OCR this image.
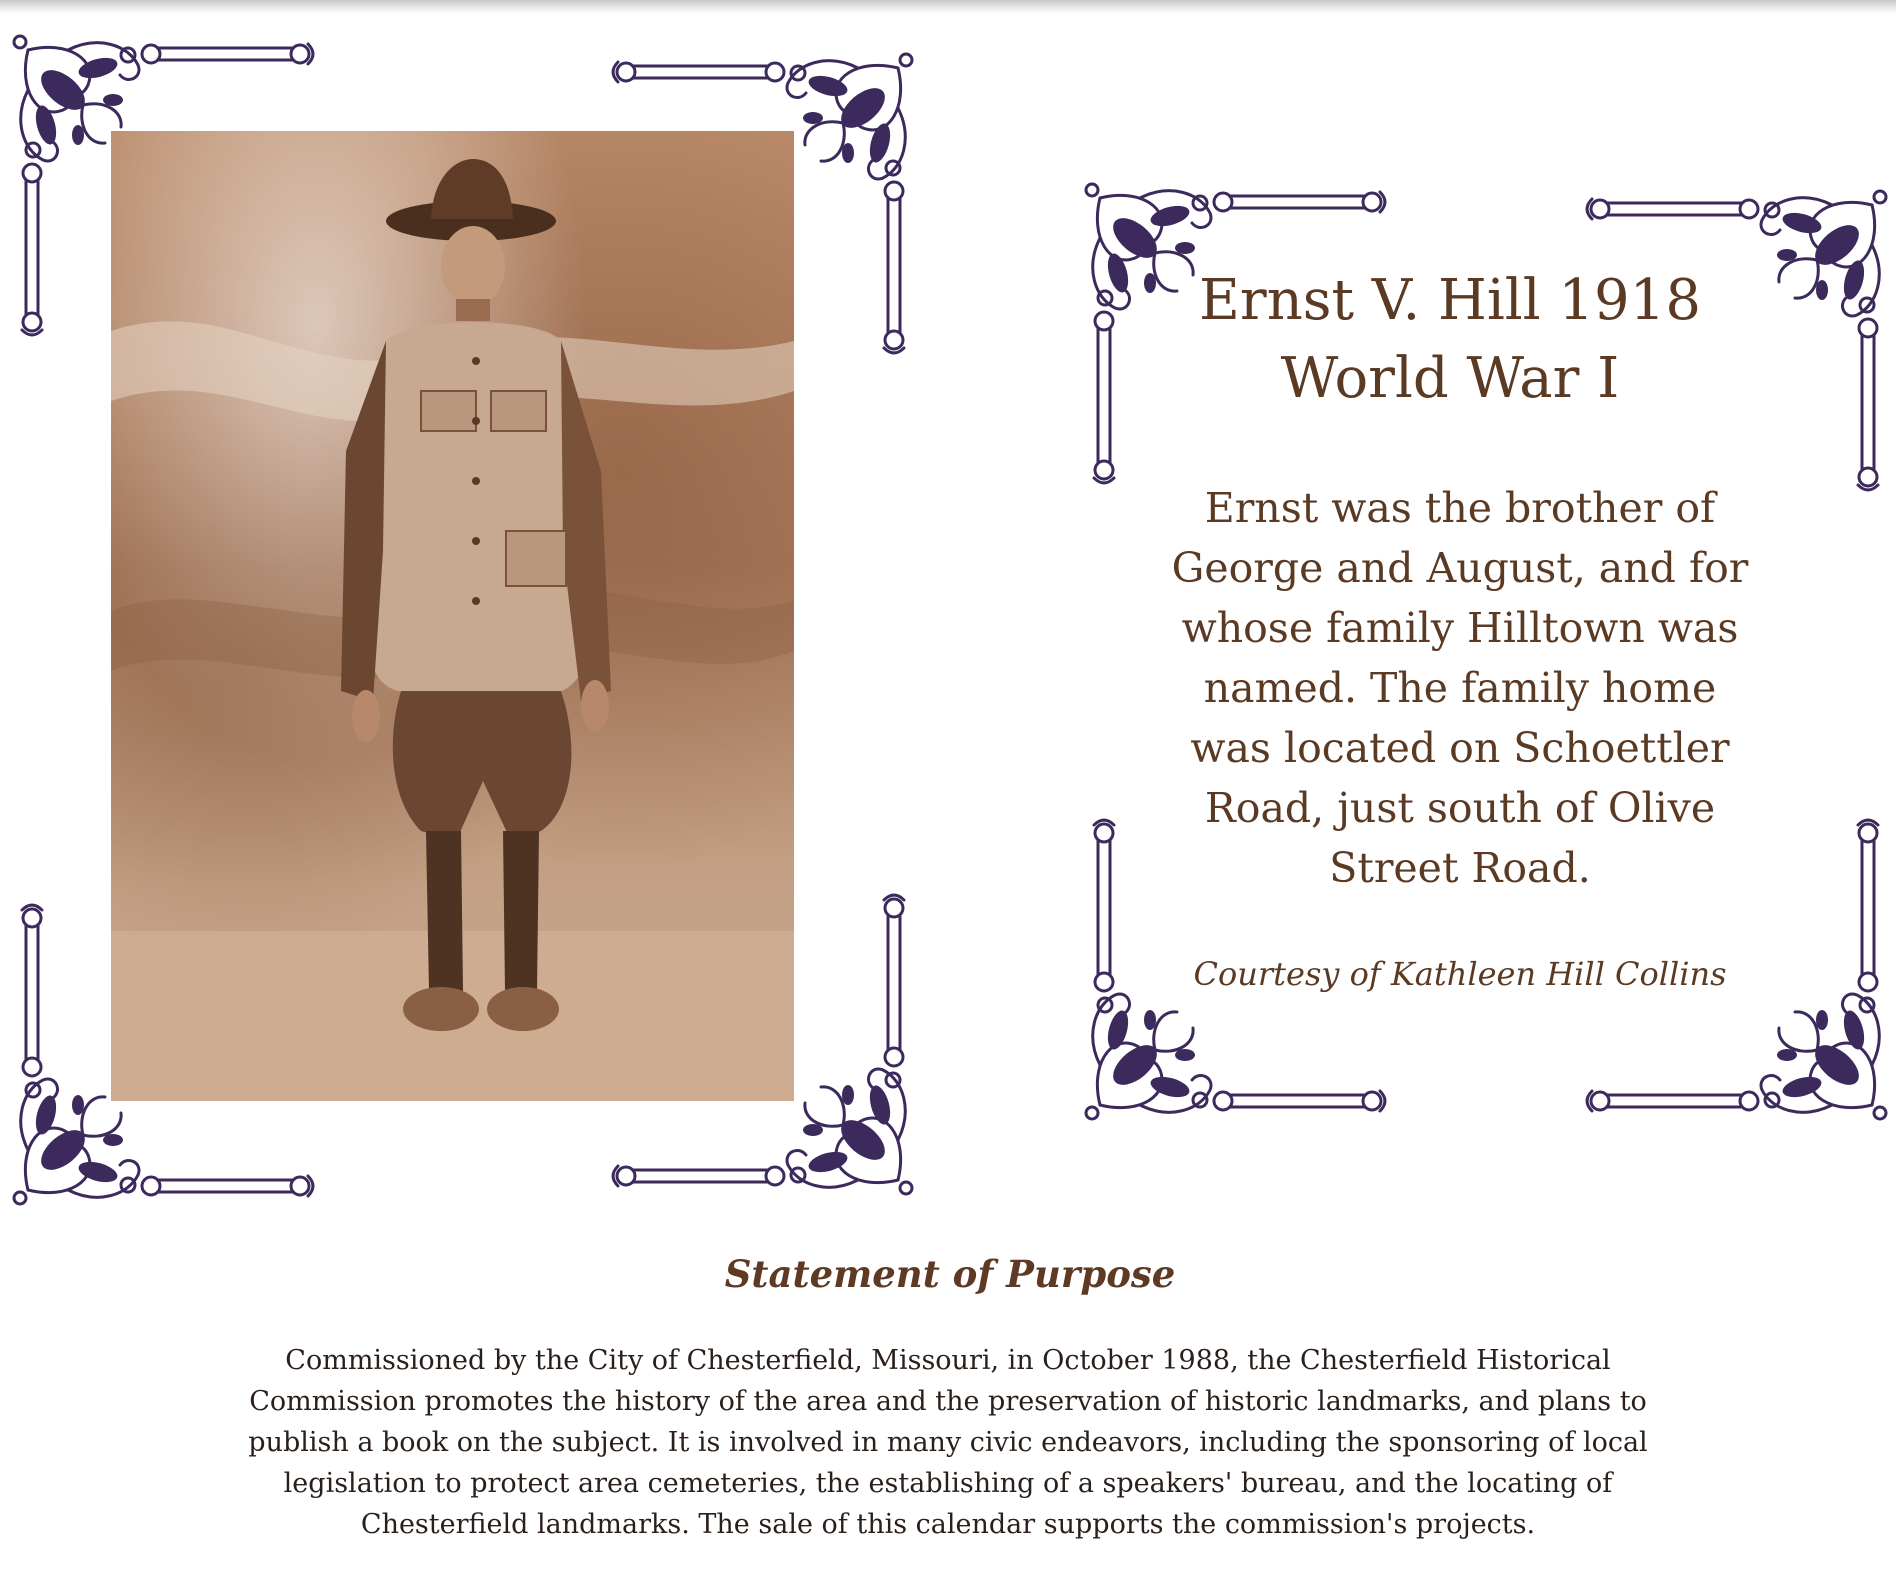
Ernst V. Hill 1918
World War I

Ernst was the brother of
George and August, and for
whose family Hilltown was
named. The family home
was located on Schoettler
Road, just south of Olive
Street Road.

Courtesy of Kathleen Hill Collins

Statement of Purpose

Commissioned by the City of Chesterfield, Missouri, in October 1988, the Chesterfield Historical
Commission promotes the history of the area and the preservation of historic landmarks, and plans to
publish a book on the subject. It is involved in many civic endeavors, including the sponsoring of local
legislation to protect area cemeteries, the establishing of a speakers' bureau, and the locating of
Chesterfield landmarks. The sale of this calendar supports the commission's projects.
